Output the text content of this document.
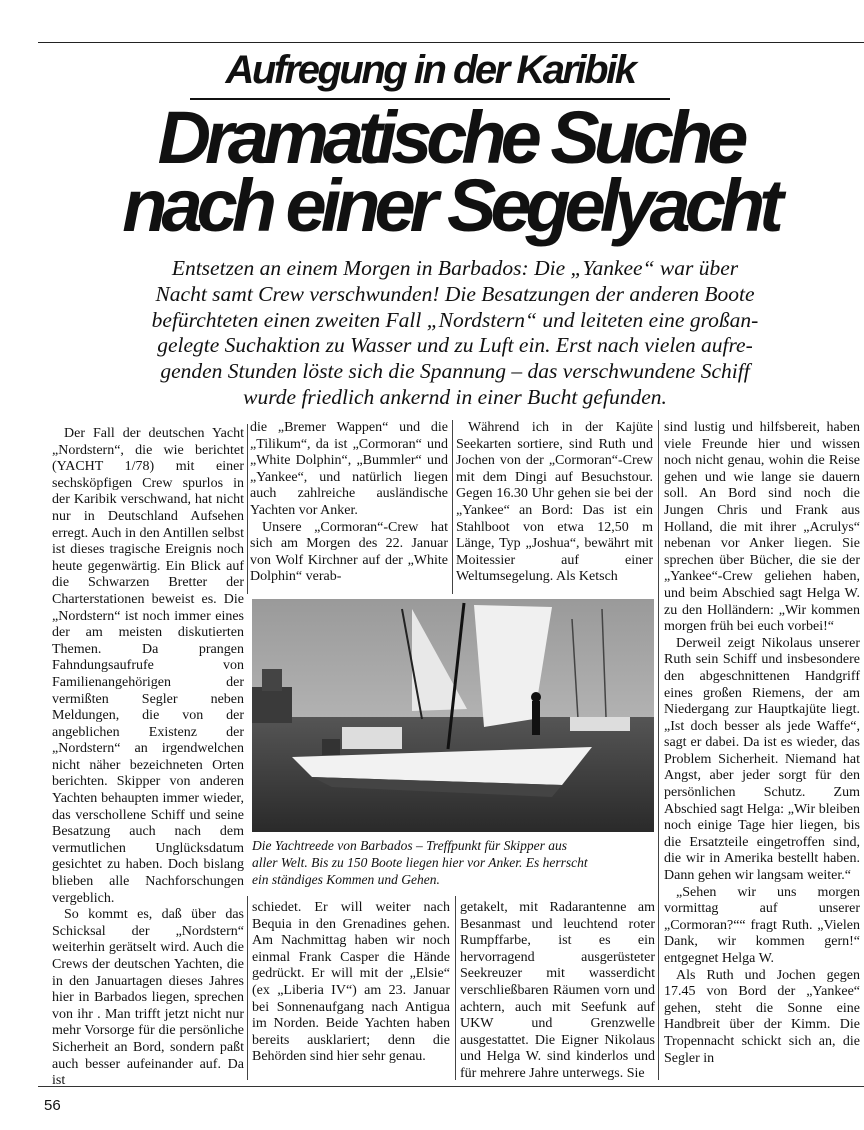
Aufregung in der Karibik
Dramatische Suche
nach einer Segelyacht
Entsetzen an einem Morgen in Barbados: Die „Yankee“ war über
Nacht samt Crew verschwunden! Die Besatzungen der anderen Boote
befürchteten einen zweiten Fall „Nordstern“ und leiteten eine großan-
gelegte Suchaktion zu Wasser und zu Luft ein. Erst nach vielen aufre-
genden Stunden löste sich die Spannung – das verschwundene Schiff
wurde friedlich ankernd in einer Bucht gefunden.

Der Fall der deutschen Yacht „Nordstern“, die wie berichtet (YACHT 1/78) mit einer sechsköpfigen Crew spurlos in der Karibik verschwand, hat nicht nur in Deutschland Aufsehen erregt. Auch in den Antillen selbst ist dieses tragische Ereignis noch heute gegenwärtig. Ein Blick auf die Schwarzen Bretter der Charterstationen beweist es. Die „Nordstern“ ist noch immer eines der am meisten diskutierten Themen. Da prangen Fahndungsaufrufe von Familienangehörigen der vermißten Segler neben Meldungen, die von der angeblichen Existenz der „Nordstern“ an irgendwelchen nicht näher bezeichneten Orten berichten. Skipper von anderen Yachten behaupten immer wieder, das verschollene Schiff und seine Besatzung auch nach dem vermutlichen Unglücksdatum gesichtet zu haben. Doch bislang blieben alle Nachforschungen vergeblich.

So kommt es, daß über das Schicksal der „Nordstern“ weiterhin gerätselt wird. Auch die Crews der deutschen Yachten, die in den Januartagen dieses Jahres hier in Barbados liegen, sprechen von ihr . Man trifft jetzt nicht nur mehr Vorsorge für die persönliche Sicherheit an Bord, sondern paßt auch besser aufeinander auf. Da ist

die „Bremer Wappen“ und die „Tilikum“, da ist „Cormoran“ und „White Dolphin“, „Bummler“ und „Yankee“, und natürlich liegen auch zahlreiche ausländische Yachten vor Anker.

Unsere „Cormoran“-Crew hat sich am Morgen des 22. Januar von Wolf Kirchner auf der „White Dolphin“ verab-

Während ich in der Kajüte Seekarten sortiere, sind Ruth und Jochen von der „Cormoran“-Crew mit dem Dingi auf Besuchstour. Gegen 16.30 Uhr gehen sie bei der „Yankee“ an Bord: Das ist ein Stahlboot von etwa 12,50 m Länge, Typ „Joshua“, bewährt mit Moitessier auf einer Weltumsegelung. Als Ketsch

Die Yachtreede von Barbados – Treffpunkt für Skipper aus
aller Welt. Bis zu 150 Boote liegen hier vor Anker. Es herrscht
ein ständiges Kommen und Gehen.

schiedet. Er will weiter nach Bequia in den Grenadines gehen. Am Nachmittag haben wir noch einmal Frank Casper die Hände gedrückt. Er will mit der „Elsie“ (ex „Liberia IV“) am 23. Januar bei Sonnenaufgang nach Antigua im Norden. Beide Yachten haben bereits ausklariert; denn die Behörden sind hier sehr genau.

getakelt, mit Radarantenne am Besanmast und leuchtend roter Rumpffarbe, ist es ein hervorragend ausgerüsteter Seekreuzer mit wasserdicht verschließbaren Räumen vorn und achtern, auch mit Seefunk auf UKW und Grenzwelle ausgestattet. Die Eigner Nikolaus und Helga W. sind kinderlos und für mehrere Jahre unterwegs. Sie

sind lustig und hilfsbereit, haben viele Freunde hier und wissen noch nicht genau, wohin die Reise gehen und wie lange sie dauern soll. An Bord sind noch die Jungen Chris und Frank aus Holland, die mit ihrer „Acrulys“ nebenan vor Anker liegen. Sie sprechen über Bücher, die sie der „Yankee“-Crew geliehen haben, und beim Abschied sagt Helga W. zu den Holländern: „Wir kommen morgen früh bei euch vorbei!“

Derweil zeigt Nikolaus unserer Ruth sein Schiff und insbesondere den abgeschnittenen Handgriff eines großen Riemens, der am Niedergang zur Hauptkajüte liegt. „Ist doch besser als jede Waffe“, sagt er dabei. Da ist es wieder, das Problem Sicherheit. Niemand hat Angst, aber jeder sorgt für den persönlichen Schutz. Zum Abschied sagt Helga: „Wir bleiben noch einige Tage hier liegen, bis die Ersatzteile eingetroffen sind, die wir in Amerika bestellt haben. Dann gehen wir langsam weiter.“

„Sehen wir uns morgen vormittag auf unserer „Cormoran?““ fragt Ruth. „Vielen Dank, wir kommen gern!“ entgegnet Helga W.

Als Ruth und Jochen gegen 17.45 von Bord der „Yankee“ gehen, steht die Sonne eine Handbreit über der Kimm. Die Tropennacht schickt sich an, die Segler in

56
